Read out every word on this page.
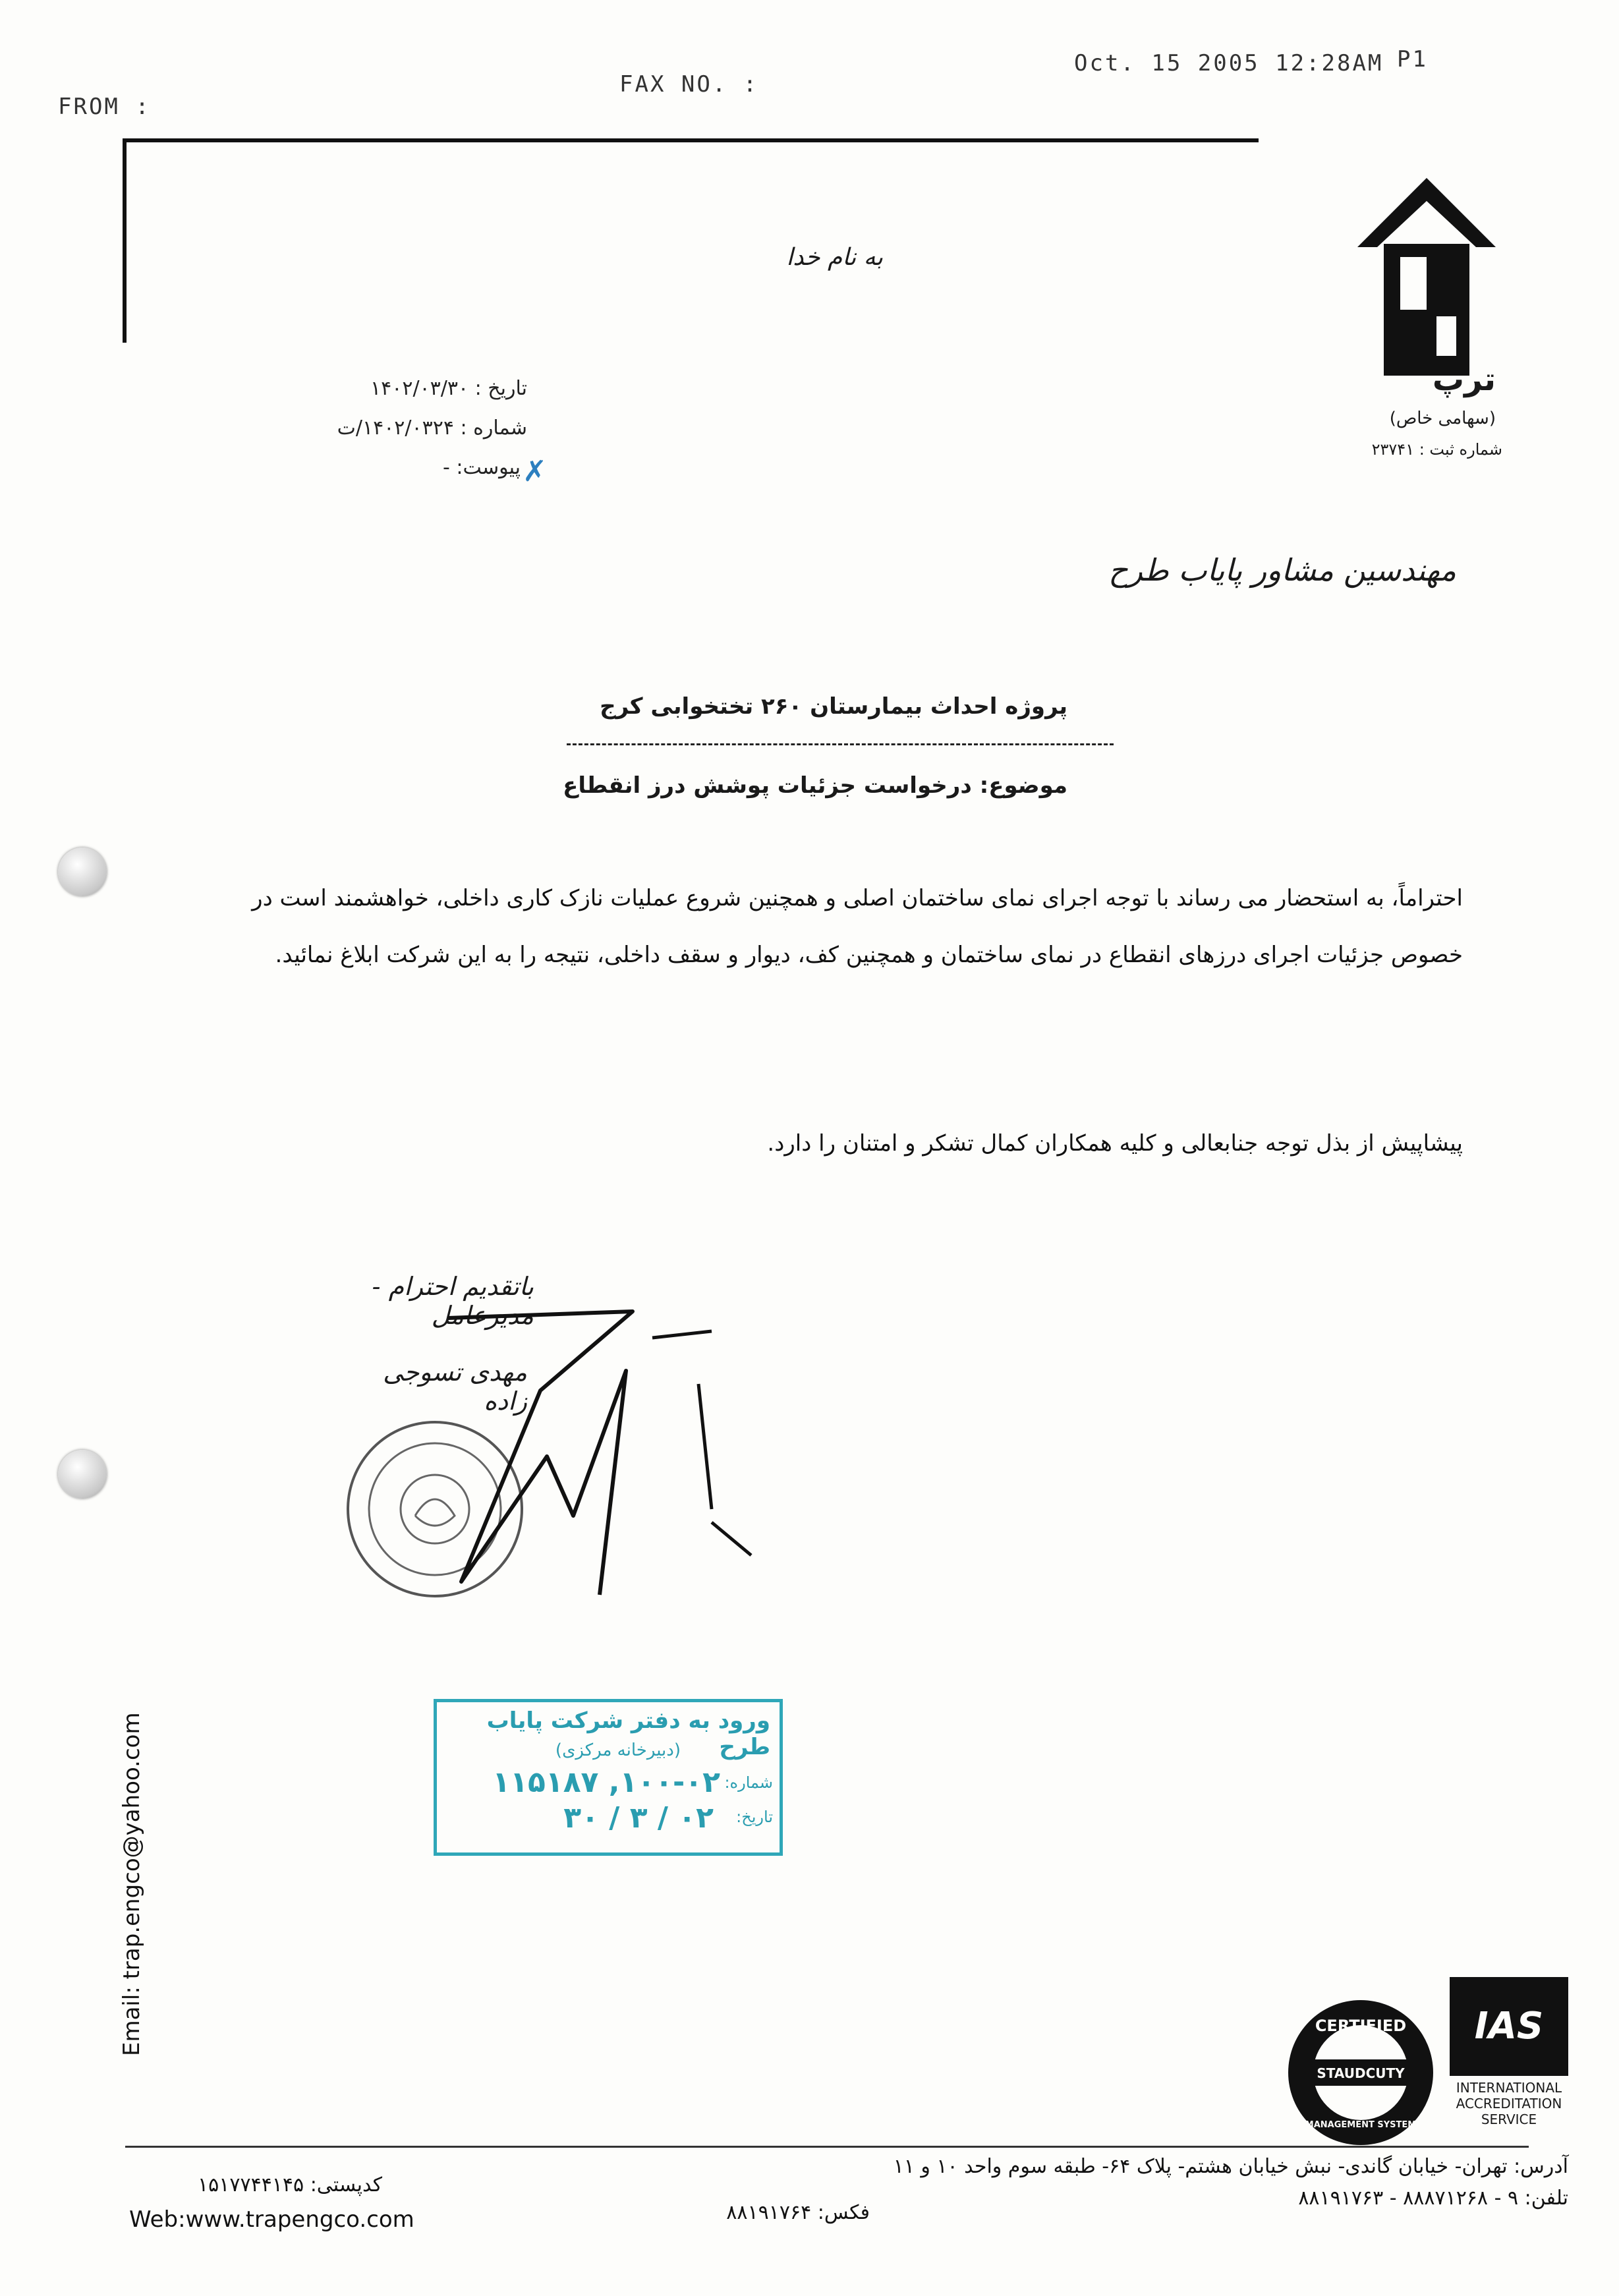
FROM :
FAX NO. :
Oct. 15 2005 12:28AM P1
به نام خدا
ترپ
(سهامی خاص)
شماره ثبت : ۲۳۷۴۱
تاریخ : ۱۴۰۲/۰۳/۳۰
شماره : ۱۴۰۲/۰۳۲۴/ت
پیوست: - ✗
مهندسین مشاور پایاب طرح
پروژه احداث بیمارستان ۲۶۰ تختخوابی کرج
موضوع: درخواست جزئیات پوشش درز انقطاع
احتراماً، به استحضار می رساند با توجه اجرای نمای ساختمان اصلی و همچنین شروع عملیات نازک کاری داخلی، خواهشمند است در خصوص جزئیات اجرای درزهای انقطاع در نمای ساختمان و همچنین کف، دیوار و سقف داخلی، نتیجه را به این شرکت ابلاغ نمائید.
پیشاپیش از بذل توجه جنابعالی و کلیه همکاران کمال تشکر و امتنان را دارد.
باتقدیم احترام - مدیرعامل
مهدی تسوجی زاده
ورود به دفتر شرکت پایاب طرح
(دبیرخانه مرکزی)
شماره:
۱۰۰-۰۲, ۱۱۵۱۸۷
تاریخ:
۰۲ / ۳ / ۳۰
Email: trap.engco@yahoo.com	CERTIFIED
STAUDCUTY
MANAGEMENT SYSTEM
IAS
INTERNATIONAL
ACCREDITATION
SERVICE
کدپستی: ۱۵۱۷۷۴۴۱۴۵
Web:www.trapengco.com
آدرس: تهران- خیابان گاندی- نبش خیابان هشتم- پلاک ۶۴- طبقه سوم واحد ۱۰ و ۱۱
تلفن: ۹ - ۸۸۸۷۱۲۶۸ - ۸۸۱۹۱۷۶۳
فکس: ۸۸۱۹۱۷۶۴
